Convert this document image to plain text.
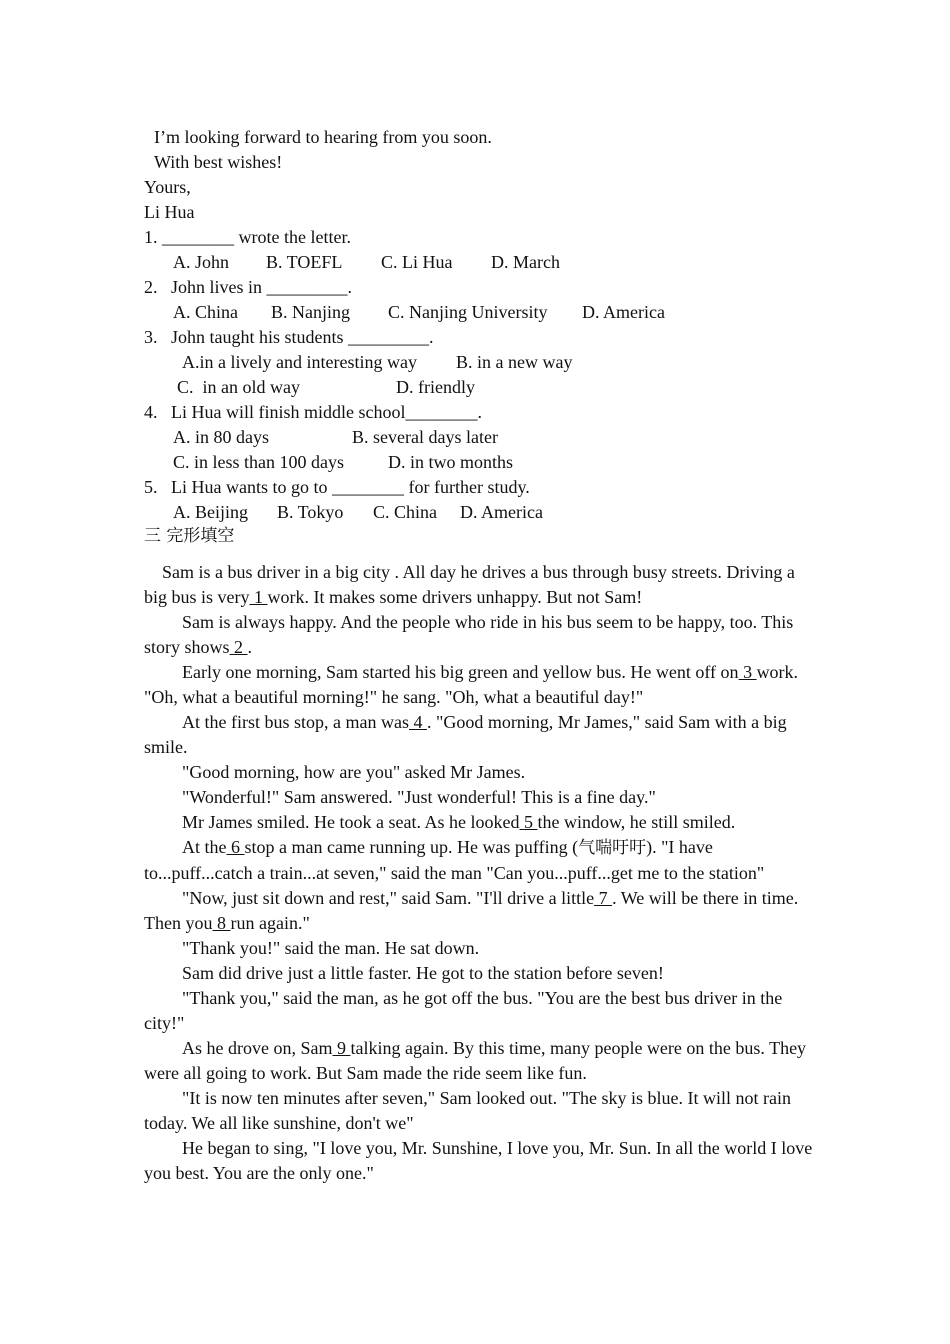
I’m looking forward to hearing from you soon.
With best wishes!
Yours,
Li Hua
1. ________ wrote the letter.
A. John B. TOEFL C. Li Hua D. March
2.   John lives in _________.
A. China B. Nanjing C. Nanjing University D. America
3.   John taught his students _________.
A.in a lively and interesting way B. in a new way
C.  in an old way	D. friendly
4.   Li Hua will finish middle school________.
A. in 80 days	B. several days later
C. in less than 100 days D. in two months
5.   Li Hua wants to go to ________ for further study.
A. Beijing B. Tokyo C. China D. America
三 完形填空

Sam is a bus driver in a big city . All day he drives a bus through busy streets. Driving a big bus is very 1 work. It makes some drivers unhappy. But not Sam!

Sam is always happy. And the people who ride in his bus seem to be happy, too. This story shows 2 .

Early one morning, Sam started his big green and yellow bus. He went off on 3 work. "Oh, what a beautiful morning!" he sang. "Oh, what a beautiful day!"

At the first bus stop, a man was 4 . "Good morning, Mr James," said Sam with a big smile.

"Good morning, how are you" asked Mr James.

"Wonderful!" Sam answered. "Just wonderful! This is a fine day."

Mr James smiled. He took a seat. As he looked 5 the window, he still smiled.

At the 6 stop a man came running up. He was puffing (气喘吁吁). "I have to...puff...catch a train...at seven," said the man "Can you...puff...get me to the station"

"Now, just sit down and rest," said Sam. "I'll drive a little 7 . We will be there in time. Then you 8 run again."

"Thank you!" said the man. He sat down.

Sam did drive just a little faster. He got to the station before seven!

"Thank you," said the man, as he got off the bus. "You are the best bus driver in the city!"

As he drove on, Sam 9 talking again. By this time, many people were on the bus. They were all going to work. But Sam made the ride seem like fun.

"It is now ten minutes after seven," Sam looked out. "The sky is blue. It will not rain today. We all like sunshine, don't we"

He began to sing, "I love you, Mr. Sunshine, I love you, Mr. Sun. In all the world I love you best. You are the only one."
